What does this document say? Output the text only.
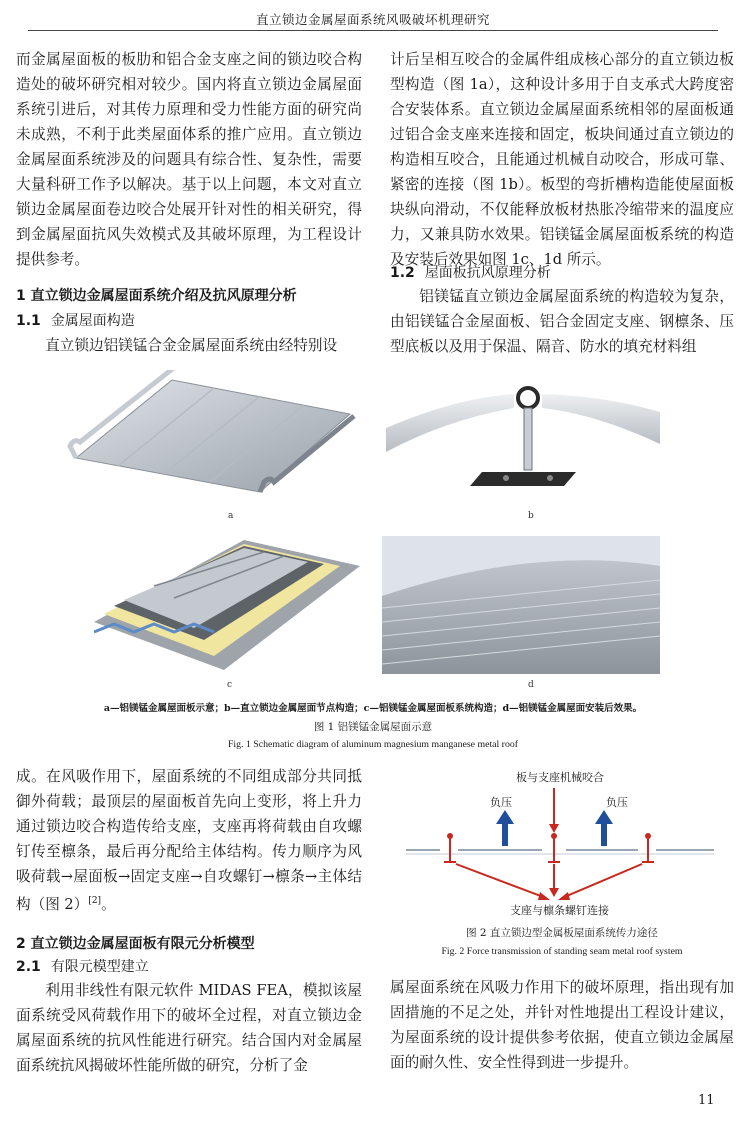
直立锁边金属屋面系统风吸破坏机理研究

而金属屋面板的板肋和铝合金支座之间的锁边咬合构造处的破坏研究相对较少。国内将直立锁边金属屋面系统引进后，对其传力原理和受力性能方面的研究尚未成熟，不利于此类屋面体系的推广应用。直立锁边金属屋面系统涉及的问题具有综合性、复杂性，需要大量科研工作予以解决。基于以上问题，本文对直立锁边金属屋面卷边咬合处展开针对性的相关研究，得到金属屋面抗风失效模式及其破坏原理，为工程设计提供参考。

1 直立锁边金属屋面系统介绍及抗风原理分析
1.1 金属屋面构造

直立锁边铝镁锰合金金属屋面系统由经特别设

计后呈相互咬合的金属件组成核心部分的直立锁边板型构造（图 1a），这种设计多用于自支承式大跨度密合安装体系。直立锁边金属屋面系统相邻的屋面板通过铝合金支座来连接和固定，板块间通过直立锁边的构造相互咬合，且能通过机械自动咬合，形成可靠、紧密的连接（图 1b）。板型的弯折槽构造能使屋面板块纵向滑动，不仅能释放板材热胀冷缩带来的温度应力，又兼具防水效果。铝镁锰金属屋面板系统的构造及安装后效果如图 1c、1d 所示。

1.2 屋面板抗风原理分析

铝镁锰直立锁边金属屋面系统的构造较为复杂，由铝镁锰合金屋面板、铝合金固定支座、钢檩条、压型底板以及用于保温、隔音、防水的填充材料组

a	b
c	d
a—铝镁锰金属屋面板示意；b—直立锁边金属屋面节点构造；c—铝镁锰金属屋面板系统构造；d—铝镁锰金属屋面安装后效果。
图 1 铝镁锰金属屋面示意
Fig. 1 Schematic diagram of aluminum magnesium manganese metal roof

成。在风吸作用下，屋面系统的不同组成部分共同抵御外荷载；最顶层的屋面板首先向上变形，将上升力通过锁边咬合构造传给支座，支座再将荷载由自攻螺钉传至檩条，最后再分配给主体结构。传力顺序为风吸荷载→屋面板→固定支座→自攻螺钉→檩条→主体结构（图 2）[2]。

2 直立锁边金属屋面板有限元分析模型
2.1 有限元模型建立

利用非线性有限元软件 MIDAS FEA，模拟该屋面系统受风荷载作用下的破坏全过程，对直立锁边金属屋面系统的抗风性能进行研究。结合国内对金属屋面系统抗风揭破坏性能所做的研究，分析了金

板与支座机械咬合
负压	负压
支座与檩条螺钉连接
图 2 直立锁边型金属板屋面系统传力途径
Fig. 2 Force transmission of standing seam metal roof system

属屋面系统在风吸力作用下的破坏原理，指出现有加固措施的不足之处，并针对性地提出工程设计建议，为屋面系统的设计提供参考依据，使直立锁边金属屋面的耐久性、安全性得到进一步提升。

11
